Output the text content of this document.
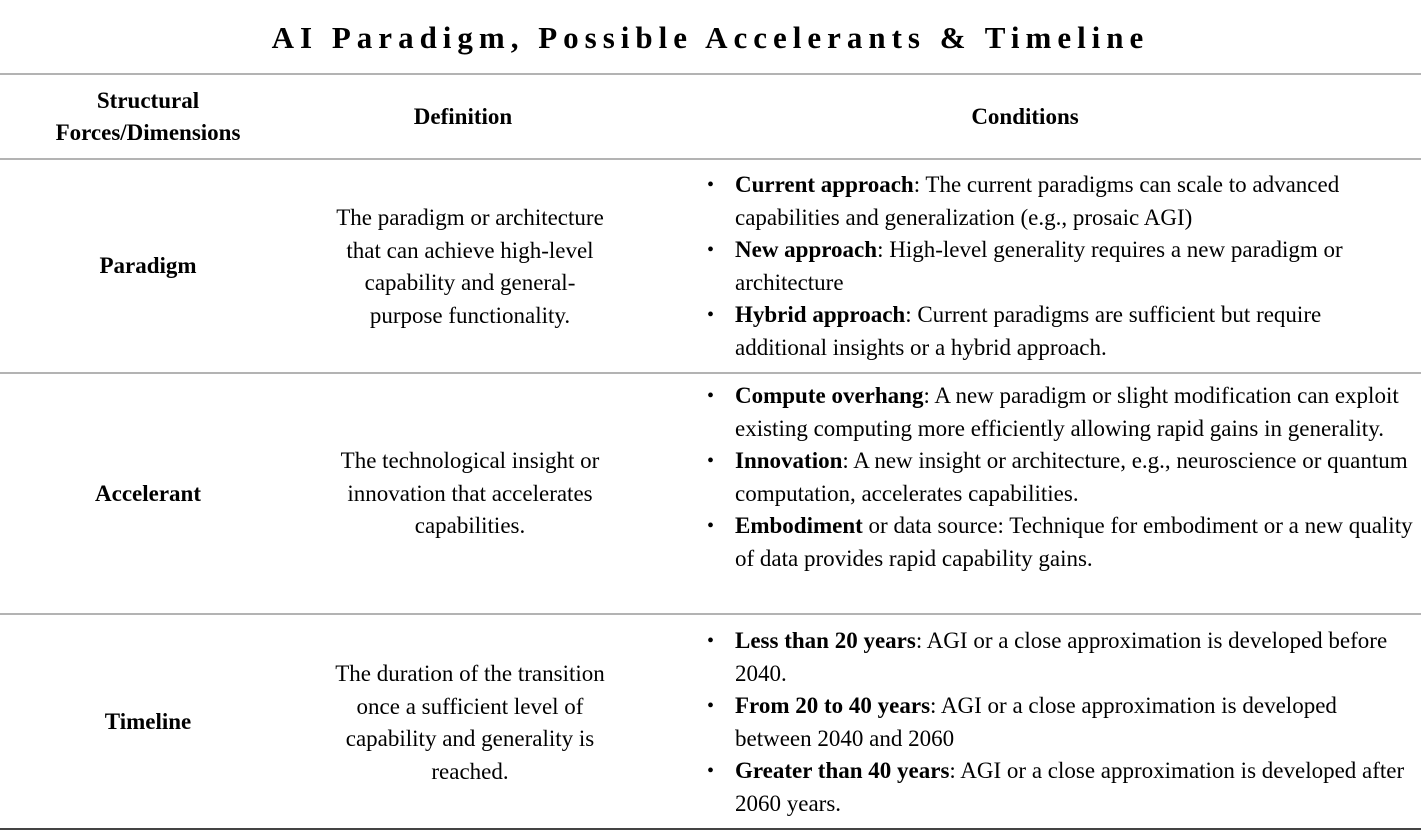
AI Paradigm, Possible Accelerants & Timeline
Structural
Forces/Dimensions
Definition	Conditions
Paradigm
The paradigm or architecture
that can achieve high-level
capability and general-
purpose functionality.
• Current approach: The current paradigms can scale to advanced capabilities and generalization (e.g., prosaic AGI)
• New approach: High-level generality requires a new paradigm or architecture
• Hybrid approach: Current paradigms are sufficient but require additional insights or a hybrid approach.
Accelerant
The technological insight or
innovation that accelerates
capabilities.
• Compute overhang: A new paradigm or slight modification can exploit existing computing more efficiently allowing rapid gains in generality.
• Innovation: A new insight or architecture, e.g., neuroscience or quantum computation, accelerates capabilities.
• Embodiment or data source: Technique for embodiment or a new quality of data provides rapid capability gains.
Timeline
The duration of the transition
once a sufficient level of
capability and generality is
reached.
• Less than 20 years: AGI or a close approximation is developed before 2040.
• From 20 to 40 years: AGI or a close approximation is developed between 2040 and 2060
• Greater than 40 years: AGI or a close approximation is developed after 2060 years.
